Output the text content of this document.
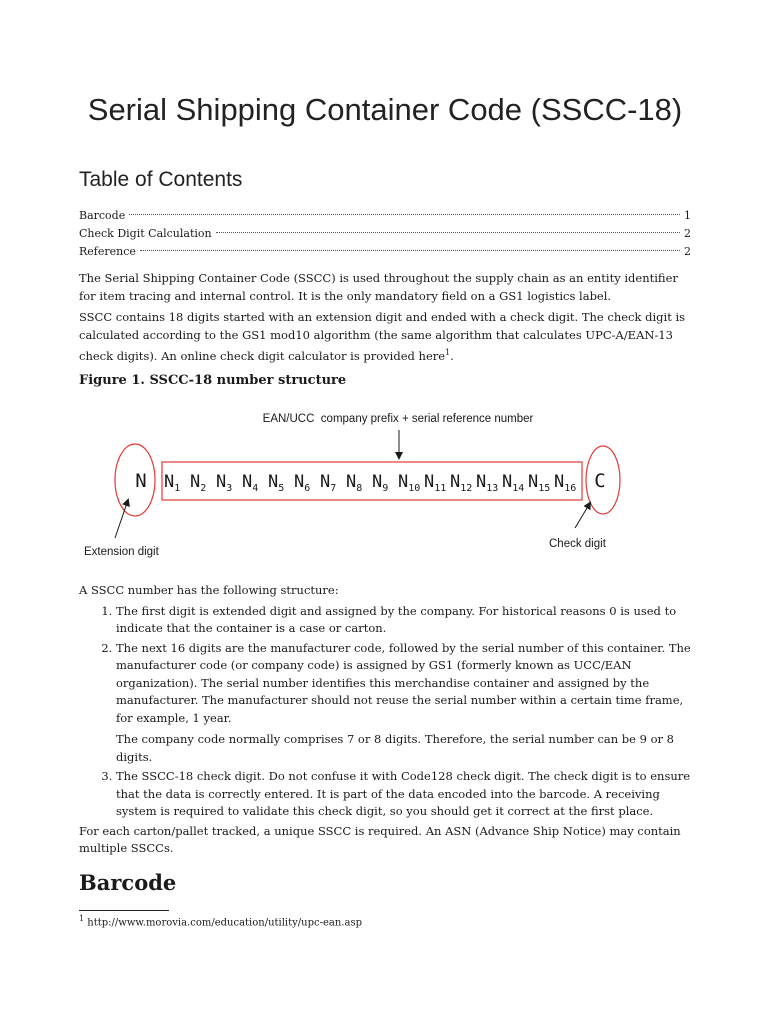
Serial Shipping Container Code (SSCC-18)
Table of Contents
Barcode	1
Check Digit Calculation	2
Reference	2

The Serial Shipping Container Code (SSCC) is used throughout the supply chain as an entity identifier for item tracing and internal control. It is the only mandatory field on a GS1 logistics label.

SSCC contains 18 digits started with an extension digit and ended with a check digit. The check digit is calculated according to the GS1 mod10 algorithm (the same algorithm that calculates UPC-A/EAN-13 check digits). An online check digit calculator is provided here$^1$.

Figure 1. SSCC-18 number structure
EAN/UCC  company prefix + serial reference number
N $N_1$ $N_2$ $N_3$ $N_4$ $N_5$ $N_6$ $N_7$ $N_8$ $N_9$ $N_{10}$ $N_{11}$ $N_{12}$ $N_{13}$ $N_{14}$ $N_{15}$ $N_{16}$ C
Extension digit
Check digit

A SSCC number has the following structure:

1. The first digit is extended digit and assigned by the company. For historical reasons 0 is used to indicate that the container is a case or carton.
2. The next 16 digits are the manufacturer code, followed by the serial number of this container. The manufacturer code (or company code) is assigned by GS1 (formerly known as UCC/EAN organization). The serial number identifies this merchandise container and assigned by the manufacturer. The manufacturer should not reuse the serial number within a certain time frame, for example, 1 year.
The company code normally comprises 7 or 8 digits. Therefore, the serial number can be 9 or 8 digits.
3. The SSCC-18 check digit. Do not confuse it with Code128 check digit. The check digit is to ensure that the data is correctly entered. It is part of the data encoded into the barcode. A receiving system is required to validate this check digit, so you should get it correct at the first place.

For each carton/pallet tracked, a unique SSCC is required. An ASN (Advance Ship Notice) may contain multiple SSCCs.

Barcode
$^1$ http://www.morovia.com/education/utility/upc-ean.asp
